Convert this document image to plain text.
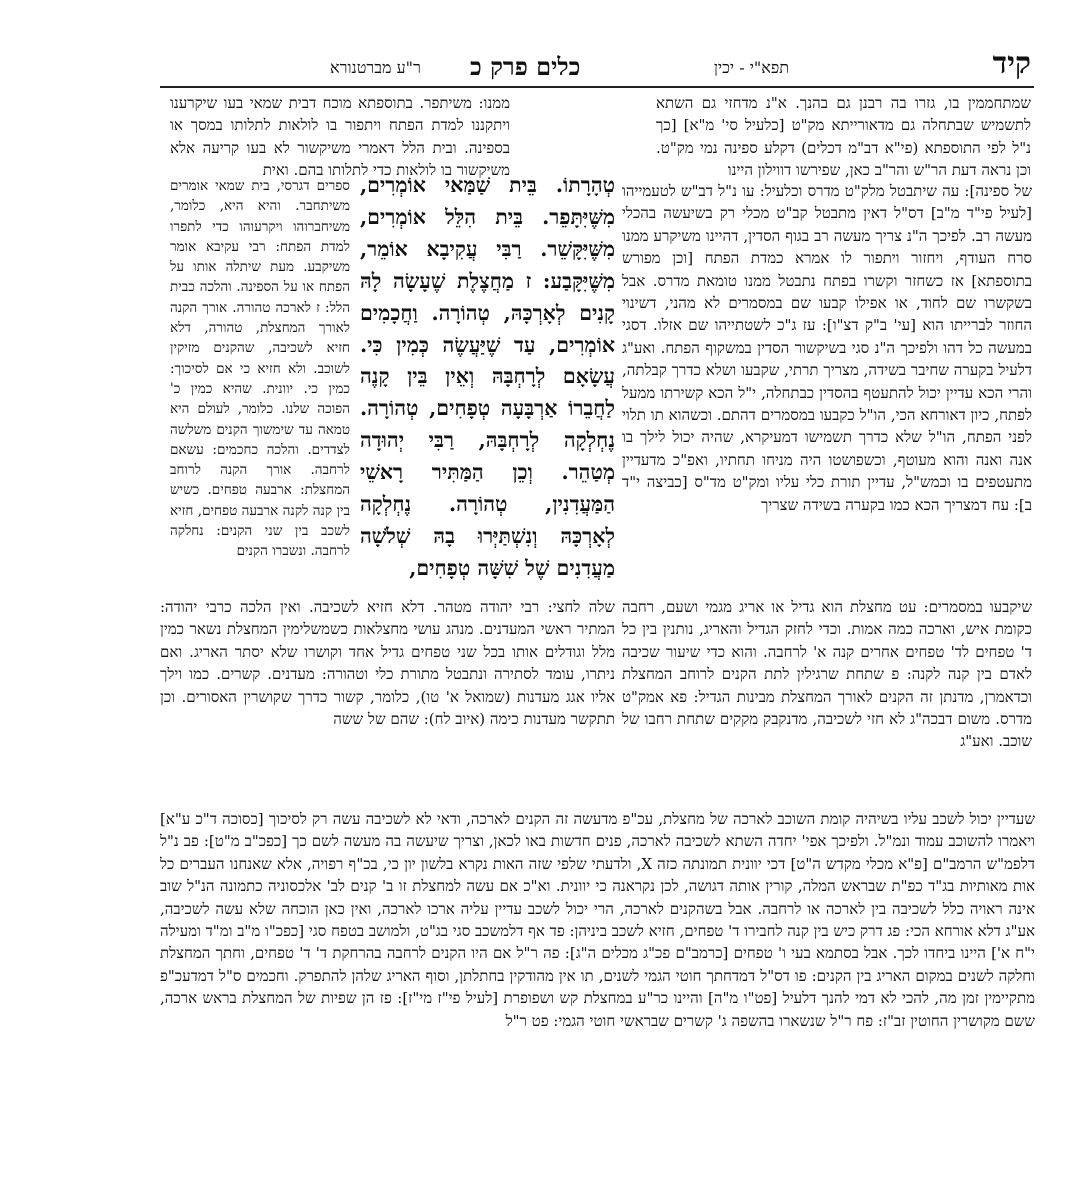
קיד
תפא"י - יכין
כלים פרק כ
ר"ע מברטנורא

שמתחממין בו, גזרו בה רבנן גם בהנך. א"נ מדחזי גם השתא לתשמיש שבתחלה גם מדאורייתא מק"ט [כלעיל סי' מ"א] [כך נ"ל לפי התוספתא (פי"א דב"מ דכלים) דקלע ספינה נמי מק"ט. וכן נראה דעת הר"ש והר"ב כאן, שפירשו דווילון היינו

של ספינה]: עה שיתבטל מלק"ט מדרס וכלעיל: עו נ"ל דב"ש לטעמייהו [לעיל פי"ד מ"ב] דס"ל דאין מתבטל קב"ט מכלי רק בשיעשה בהכלי מעשה רב. לפיכך ה"נ צריך מעשה רב בגוף הסדין, דהיינו משיקרע ממנו סרח העודף, ויחזור ויתפור לו אמרא כמדת הפתח [וכן מפורש בתוספתא] אז כשחזר וקשרו בפתח נתבטל ממנו טומאת מדרס. אבל בשקשרו שם לחוד, או אפילו קבעו שם במסמרים לא מהני, דשינוי החוזר לברייתו הוא [עי' ב"ק דצ"ו]: עז ג"כ לשטתייהו שם אזלו. דסגי במעשה כל דהו ולפיכך ה"נ סגי בשיקשור הסדין במשקוף הפתח. ואע"ג דלעיל בקערה שחיבר בשידה, מצריך תרתי, שקבעו ושלא כדרך קבלתה, והרי הכא עדיין יכול להתעטף בהסדין כבתחלה, י"ל הכא קשירתו ממעל לפתח, כיון דאורחא הכי, הו"ל כקבעו במסמרים דהתם. וכשהוא תו תלוי לפני הפתח, הו"ל שלא כדרך תשמישו דמעיקרא, שהיה יכול לילך בו אנה ואנה והוא מעוטף, וכשפושטו היה מניחו תחתיו, ואפ"כ מדעדיין מתעטפים בו וכמש"ל, עדיין תורת כלי עליו ומק"ט מד"ס [כביצה י"ד ב]: עח דמצריך הכא כמו בקערה בשידה שצריך

ממנו: משיתפר. בתוספתא מוכח דבית שמאי בעו שיקרענו ויתקננו למדת הפתח ויתפור בו לולאות לתלותו במסך או בספינה. ובית הלל דאמרי משיקשור לא בעו קריעה אלא משיקשור בו לולאות כדי לתלותו בהם. ואית

ספרים דגרסי, בית שמאי אומרים משיתחבר. והיא היא, כלומר, משיחברוהו ויקרעוהו כדי לתפרו למדת הפתח: רבי עקיבא אומר משיקבע. מעת שיתלה אותו על הפתח או על הספינה. והלכה כבית הלל: ז לארכה טהורה. אורך הקנה לאורך המחצלת, טהורה, דלא חזיא לשכיבה, שהקנים מזיקין לשוכב. ולא חזיא כי אם לסיכוך: כמין כי. יוונית. שהיא כמין כ' הפוכה שלנו. כלומר, לעולם היא טמאה עד שימשוך הקנים משלשה לצדדים. והלכה כחכמים: עשאם לרחבה. אורך הקנה לרוחב המחצלת: ארבעה טפחים. כשיש בין קנה לקנה ארבעה טפחים, חזיא לשכב בין שני הקנים: נחלקה לרחבה. ונשברו הקנים

טְהָרָתוֹ. בֵּית שַׁמַּאי אוֹמְרִים, מִשֶּׁיִּתָּפֵר. בֵּית הִלֵּל אוֹמְרִים, מִשֶּׁיִּקָּשֵׁר. רַבִּי עֲקִיבָא אוֹמֵר, מִשֶּׁיִּקָּבַע: ז מַחֲצֶלֶת שֶׁעָשָׂה לָהּ קָנִים לְאָרְכָּהּ, טְהוֹרָה. וַחֲכָמִים אוֹמְרִים, עַד שֶׁיַּעֲשֶׂה כְּמִין כִּי. עֲשָׂאָם לְרָחְבָּהּ וְאֵין בֵּין קָנֶה לַחֲבֵרוֹ אַרְבָּעָה טְפָחִים, טְהוֹרָה. נֶחְלְקָה לְרָחְבָּהּ, רַבִּי יְהוּדָה מְטַהֵר. וְכֵן הַמַּתִּיר רָאשֵׁי הַמַּעֲדִנִין, טְהוֹרָה. נֶחְלְקָה לְאָרְכָּהּ וְנִשְׁתַּיְּרוּ בָהּ שְׁלֹשָׁה מַעֲדִנִים שֶׁל שִׁשָּׁה טְפָחִים,

שלה לחצי: רבי יהודה מטהר. דלא חזיא לשכיבה. ואין הלכה כרבי יהודה: המתיר ראשי המעדנים. מנהג עושי מחצלאות כשמשלימין המחצלת נשאר כמין מלל וגודלים אותו בכל שני טפחים גדיל אחד וקושרו שלא יסתר האריג. ואם ניתרו, עומד לסתירה ונתבטל מתורת כלי וטהורה: מעדנים. קשרים. כמו וילך אליו אגג מעדנות (שמואל א' טו), כלומר, קשור כדרך שקושרין האסורים. וכן תתקשר מעדנות כימה (איוב לח): שהם של ששה

שיקבעו במסמרים: עט מחצלת הוא גדיל או אריג מגמי ושעם, רחבה כקומת איש, וארכה כמה אמות. וכדי לחזק הגדיל והאריג, נותנין בין כל ד' טפחים לד' טפחים אחרים קנה א' לרחבה. והוא כדי שיעור שכיבה לאדם בין קנה לקנה: פ שתחת שרגילין לתת הקנים לרוחב המחצלת וכדאמרן, מדנתן זה הקנים לאורך המחצלת מבינות הגדיל: פא אמק"ט מדרס. משום דבכה"ג לא חזי לשכיבה, מדנקבק מקקים שתחת רחבו של שוכב. ואע"ג

שעדיין יכול לשכב עליו בשיהיה קומת השוכב לארכה של מחצלת, עכ"פ מדעשה זה הקנים לארכה, ודאי לא לשכיבה עשה רק לסיכוך [כסוכה ד"כ ע"א] ויאמרו להשוכב עמוד ונמ"ל. ולפיכך אפי' יחדה השתא לשכיבה לארכה, פנים חדשות באו לכאן, וצריך שיעשה בה מעשה לשם כך [כפכ"ב מ"ט]: פב נ"ל דלפמ"ש הרמב"ם [פ"א מכלי מקדש ה"ט] דכי יוונית תמונתה כזה X, ולדעתי שלפי שזה האות נקרא בלשון יון כי, בכ"ף רפויה, אלא שאנחנו העברים כל אות מאותיות בג"ד כפ"ת שבראש המלה, קורין אותה דגושה, לכן נקראנה כי יוונית. וא"כ אם עשה למחצלת זו ב' קנים לב' אלכסוניה כתמונה הנ"ל שוב אינה ראויה כלל לשכיבה בין לארכה או לרחבה. אבל בשהקנים לארכה, הרי יכול לשכב עדיין עליה ארכו לארכה, ואין כאן הוכחה שלא עשה לשכיבה, אע"ג דלא אורחא הכי: פג דרק כיש בין קנה לחבירו ד' טפחים, חזיא לשכב ביניהן: פד אף דלמשכב סגי בג"ט, ולמושב בטפח סגי [כפכ"ו מ"ב ומ"ד ומעילה י"ח א'] היינו ביחדו לכך. אבל בסתמא בעי ו' טפחים [כרמב"ם פכ"ג מכלים ה"ג]: פה ר"ל אם היו הקנים לרחבה בהרחקת ד' ד' טפחים, וחתך המחצלת וחלקה לשנים במקום האריג בין הקנים: פו דס"ל דמדחתך חוטי הגמי לשנים, תו אין מהודקין בחתלתן, וסוף האריג שלהן להתפרק. וחכמים ס"ל דמדעכ"פ מתקיימין זמן מה, להכי לא דמי להנך דלעיל [פט"ו מ"ה] והיינו כר"ע במחצלת קש ושפופרת [לעיל פי"ז מי"ז]: פז הן שפיות של המחצלת בראש ארכה, ששם מקושרין החוטין זב"ז: פח ר"ל שנשארו בהשפה ג' קשרים שבראשי חוטי הגמי: פט ר"ל
